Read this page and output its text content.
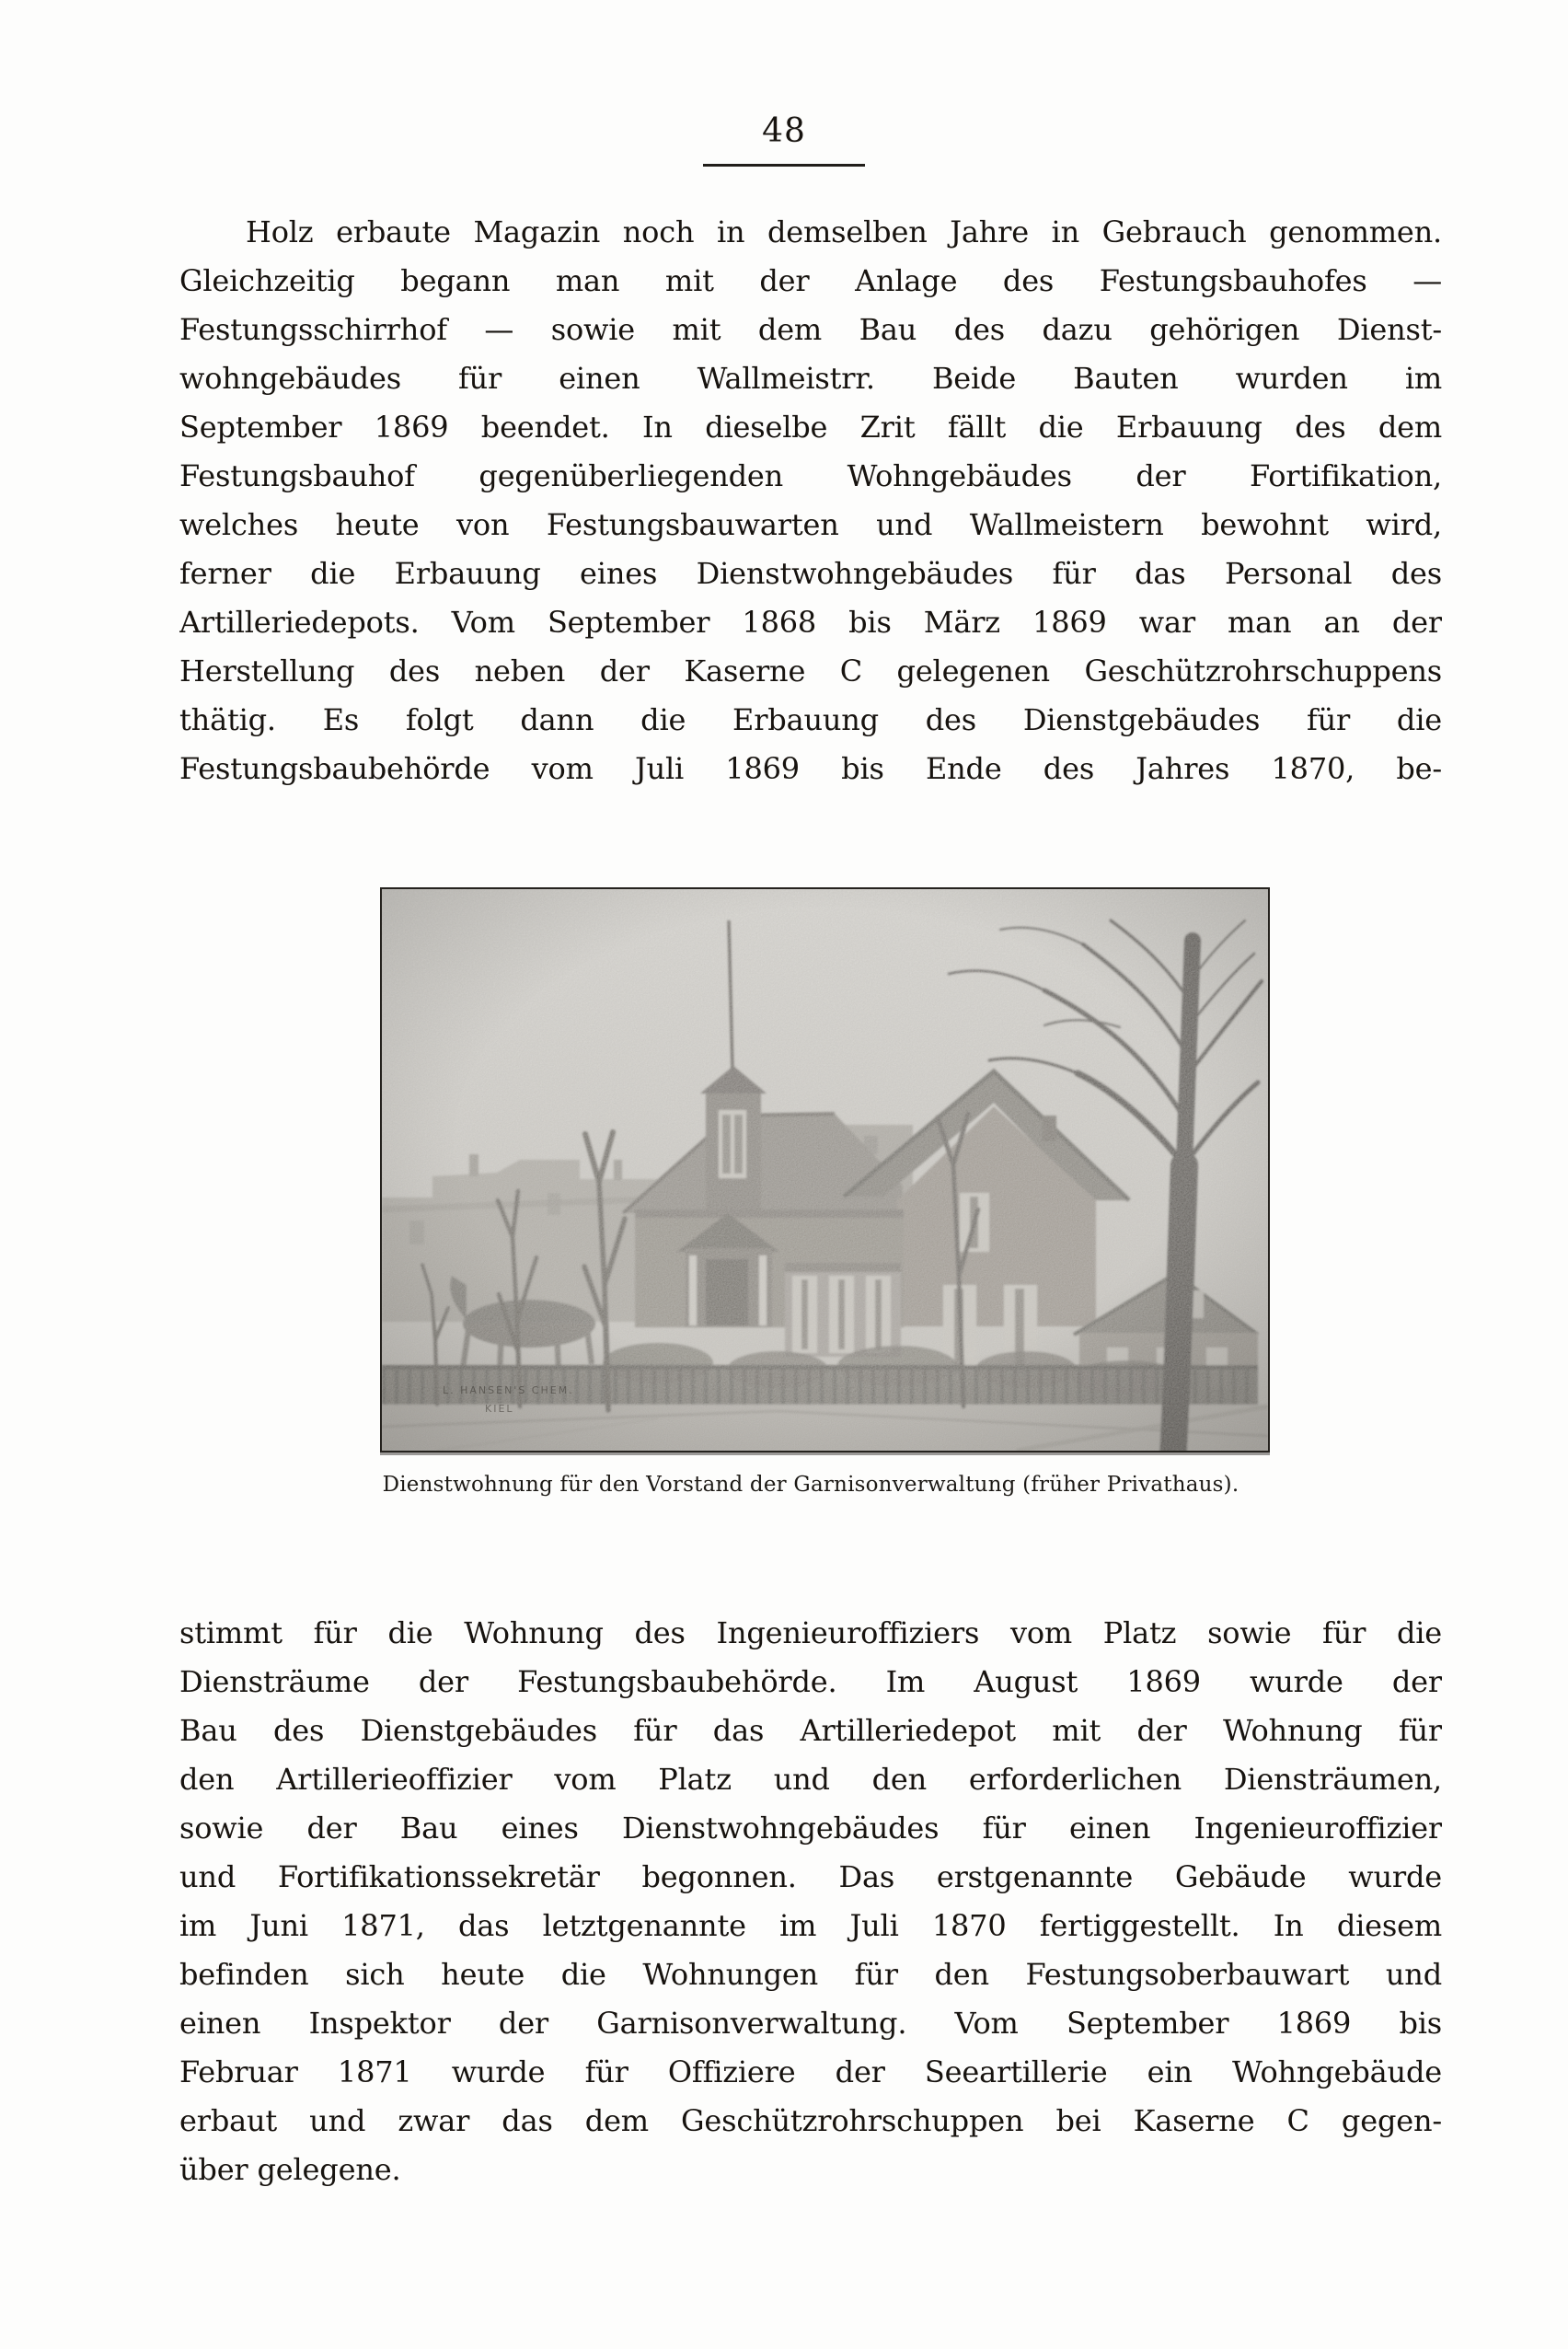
48
Holz erbaute Magazin noch in demselben Jahre in Gebrauch genommen.
Gleichzeitig begann man mit der Anlage des Festungsbauhofes —
Festungsschirrhof — sowie mit dem Bau des dazu gehörigen Dienst-
wohngebäudes für einen Wallmeistrr. Beide Bauten wurden im
September 1869 beendet. In dieselbe Zrit fällt die Erbauung des dem
Festungsbauhof gegenüberliegenden Wohngebäudes der Fortifikation,
welches heute von Festungsbauwarten und Wallmeistern bewohnt wird,
ferner die Erbauung eines Dienstwohngebäudes für das Personal des
Artilleriedepots. Vom September 1868 bis März 1869 war man an der
Herstellung des neben der Kaserne C gelegenen Geschützrohrschuppens
thätig. Es folgt dann die Erbauung des Dienstgebäudes für die
Festungsbaubehörde vom Juli 1869 bis Ende des Jahres 1870, be-
L. HANSEN'S CHEM.
KIEL
Dienstwohnung für den Vorstand der Garnisonverwaltung (früher Privathaus).
stimmt für die Wohnung des Ingenieuroffiziers vom Platz sowie für die
Diensträume der Festungsbaubehörde. Im August 1869 wurde der
Bau des Dienstgebäudes für das Artilleriedepot mit der Wohnung für
den Artillerieoffizier vom Platz und den erforderlichen Diensträumen,
sowie der Bau eines Dienstwohngebäudes für einen Ingenieuroffizier
und Fortifikationssekretär begonnen. Das erstgenannte Gebäude wurde
im Juni 1871, das letztgenannte im Juli 1870 fertiggestellt. In diesem
befinden sich heute die Wohnungen für den Festungsoberbauwart und
einen Inspektor der Garnisonverwaltung. Vom September 1869 bis
Februar 1871 wurde für Offiziere der Seeartillerie ein Wohngebäude
erbaut und zwar das dem Geschützrohrschuppen bei Kaserne C gegen-
über gelegene.
